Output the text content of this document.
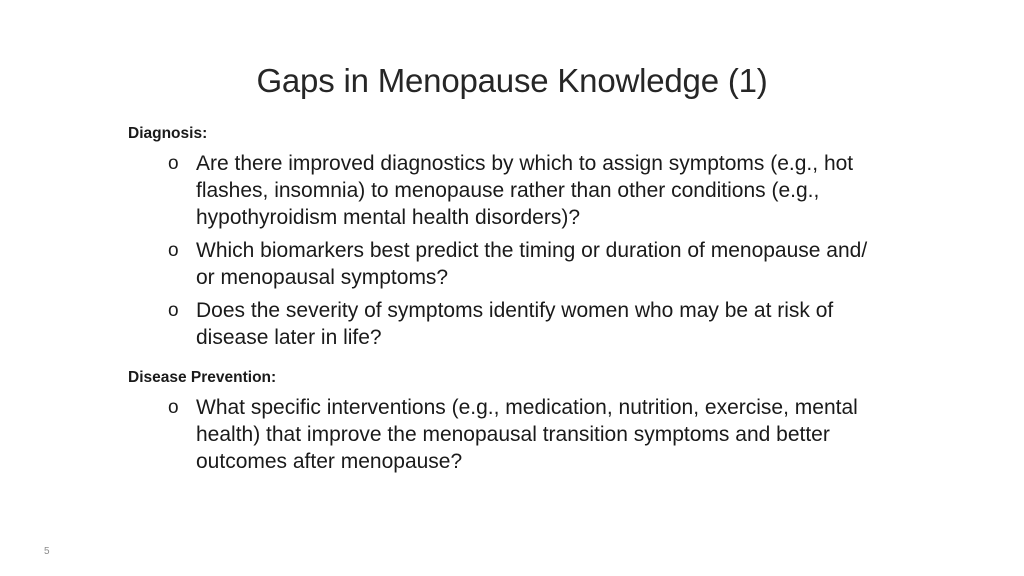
Gaps in Menopause Knowledge (1)
Diagnosis:
o Are there improved diagnostics by which to assign symptoms (e.g., hot flashes, insomnia) to menopause rather than other conditions (e.g., hypothyroidism mental health disorders)?
o Which biomarkers best predict the timing or duration of menopause and/ or menopausal symptoms?
o Does the severity of symptoms identify women who may be at risk of disease later in life?
Disease Prevention:
o What specific interventions (e.g., medication, nutrition, exercise, mental health) that improve the menopausal transition symptoms and better outcomes after menopause?
5
